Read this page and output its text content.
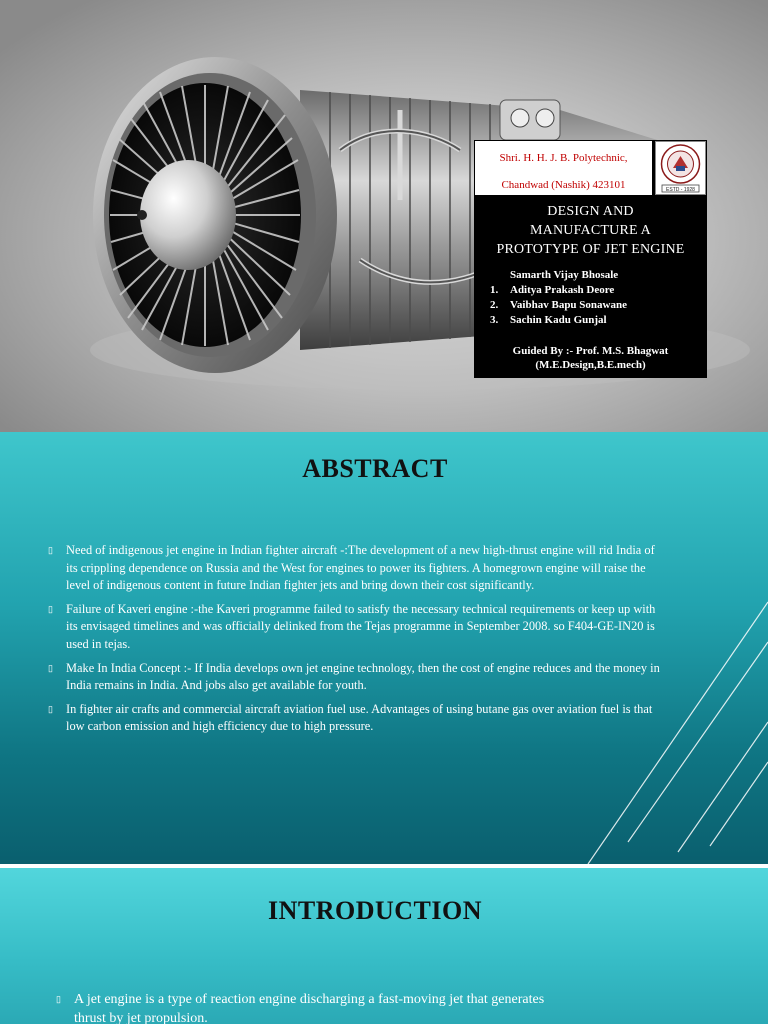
Shri. H. H. J. B. Polytechnic,
Chandwad (Nashik) 423101	ESTD - 1928
DESIGN AND
MANUFACTURE A
PROTOTYPE OF JET ENGINE
Samarth Vijay Bhosale
1. Aditya Prakash Deore
2. Vaibhav Bapu Sonawane
3. Sachin Kadu Gunjal
Guided By :- Prof. M.S. Bhagwat
(M.E.Design,B.E.mech)
ABSTRACT
▯ Need of indigenous jet engine in Indian fighter aircraft -:The development of a new high-thrust engine will rid India of its crippling dependence on Russia and the West for engines to power its fighters. A homegrown engine will raise the level of indigenous content in future Indian fighter jets and bring down their cost significantly.
▯ Failure of Kaveri engine :-the Kaveri programme failed to satisfy the necessary technical requirements or keep up with its envisaged timelines and was officially delinked from the Tejas programme in September 2008. so F404-GE-IN20 is used in tejas.
▯ Make In India Concept :- If India develops own jet engine technology, then the cost of engine reduces and the money in India remains in India. And jobs also get available for youth.
▯ In fighter air crafts and commercial aircraft aviation fuel use. Advantages of using butane gas over aviation fuel is that low carbon emission and high efficiency due to high pressure.
INTRODUCTION
▯ A jet engine is a type of reaction engine discharging a fast-moving jet that generates thrust by jet propulsion.
